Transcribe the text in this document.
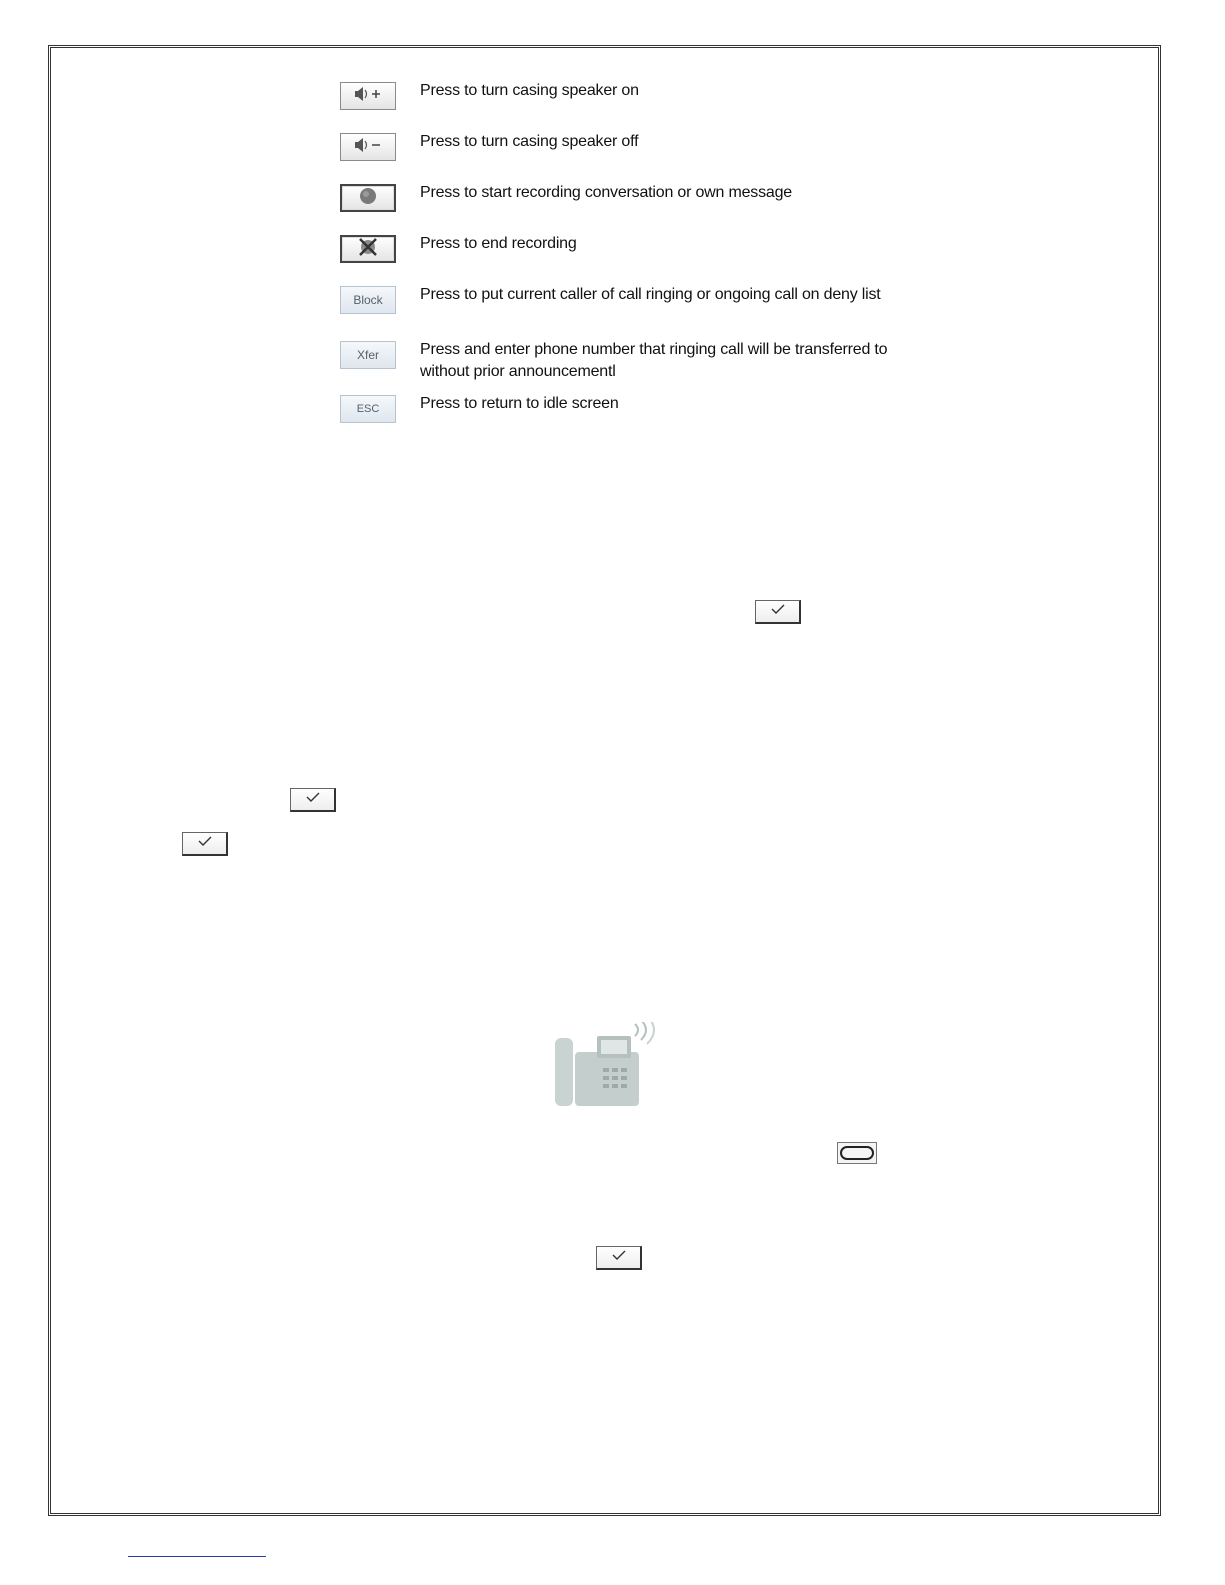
Press to turn casing speaker on
Press to turn casing speaker off
Press to start recording conversation or own message
Press to end recording
Block	Press to put current caller of call ringing or ongoing call on deny list
Xfer	Press and enter phone number that ringing call will be transferred to without prior announcementl
ESC	Press to return to idle screen
